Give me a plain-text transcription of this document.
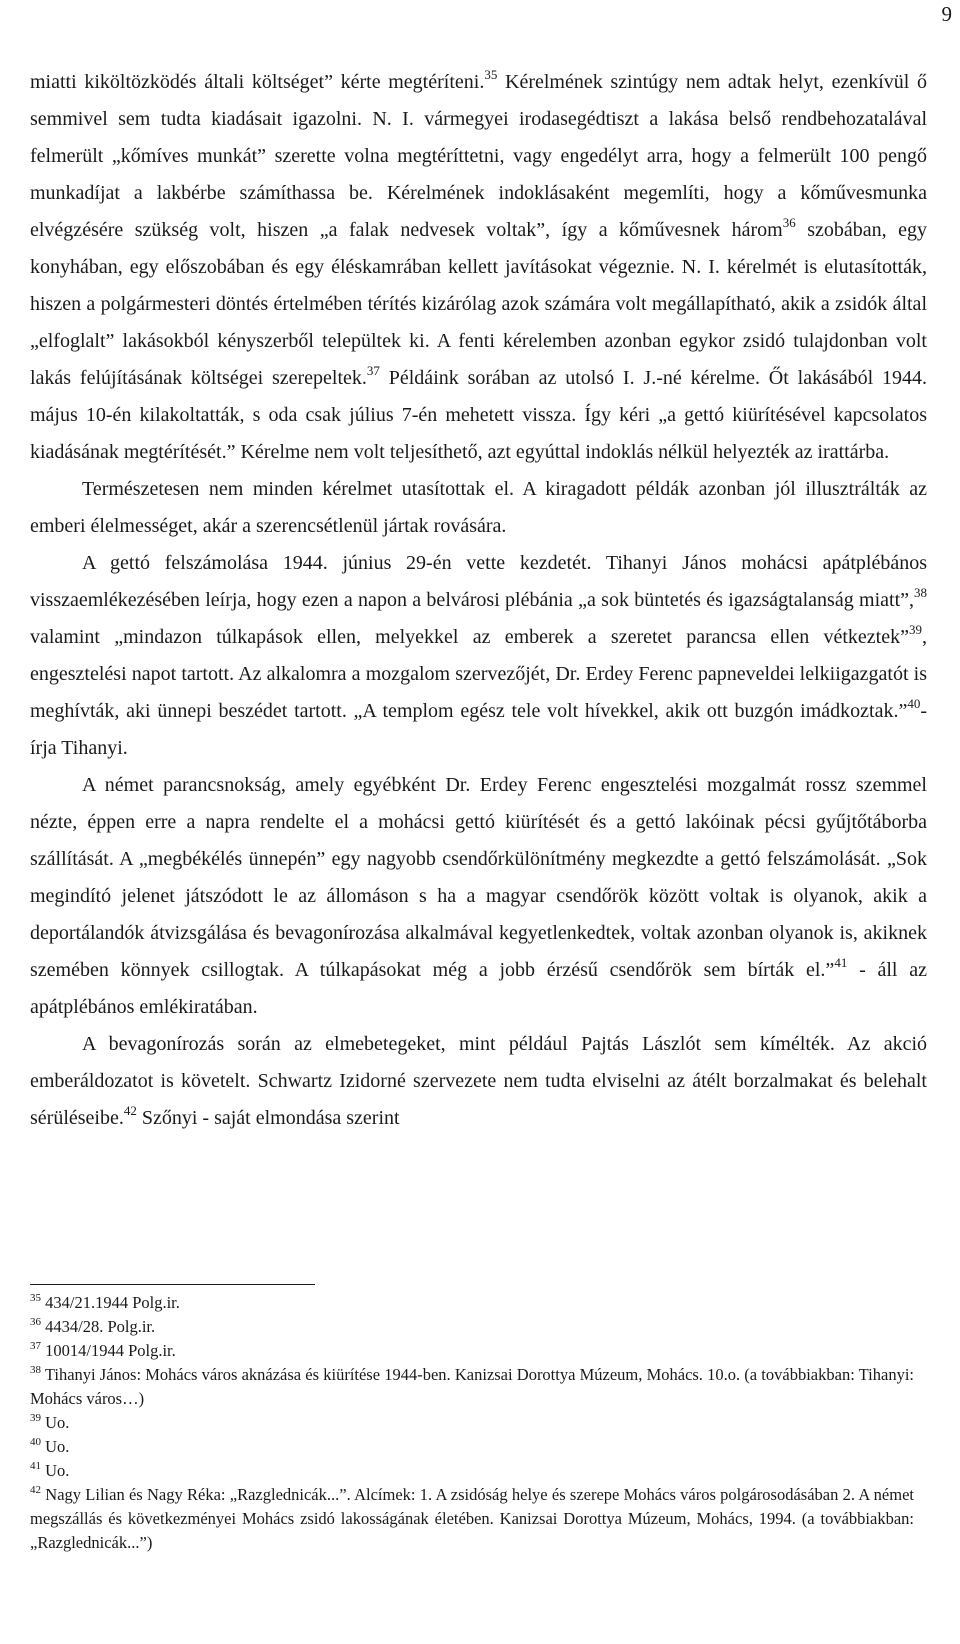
9

miatti kiköltözködés általi költséget” kérte megtéríteni.$^{35}$ Kérelmének szintúgy nem adtak helyt, ezenkívül ő semmivel sem tudta kiadásait igazolni. N. I. vármegyei irodasegédtiszt a lakása belső rendbehozatalával felmerült „kőmíves munkát” szerette volna megtéríttetni, vagy engedélyt arra, hogy a felmerült 100 pengő munkadíjat a lakbérbe számíthassa be. Kérelmének indoklásaként megemlíti, hogy a kőművesmunka elvégzésére szükség volt, hiszen „a falak nedvesek voltak”, így a kőművesnek három$^{36}$ szobában, egy konyhában, egy előszobában és egy éléskamrában kellett javításokat végeznie. N. I. kérelmét is elutasították, hiszen a polgármesteri döntés értelmében térítés kizárólag azok számára volt megállapítható, akik a zsidók által „elfoglalt” lakásokból kényszerből települtek ki. A fenti kérelemben azonban egykor zsidó tulajdonban volt lakás felújításának költségei szerepeltek.$^{37}$ Példáink sorában az utolsó I. J.-né kérelme. Őt lakásából 1944. május 10-én kilakoltatták, s oda csak július 7-én mehetett vissza. Így kéri „a gettó kiürítésével kapcsolatos kiadásának megtérítését.” Kérelme nem volt teljesíthető, azt egyúttal indoklás nélkül helyezték az irattárba.

Természetesen nem minden kérelmet utasítottak el. A kiragadott példák azonban jól illusztrálták az emberi élelmességet, akár a szerencsétlenül jártak rovására.

A gettó felszámolása 1944. június 29-én vette kezdetét. Tihanyi János mohácsi apátplébános visszaemlékezésében leírja, hogy ezen a napon a belvárosi plébánia „a sok büntetés és igazságtalanság miatt”,$^{38}$ valamint „mindazon túlkapások ellen, melyekkel az emberek a szeretet parancsa ellen vétkeztek”$^{39}$, engesztelési napot tartott. Az alkalomra a mozgalom szervezőjét, Dr. Erdey Ferenc papneveldei lelkiigazgatót is meghívták, aki ünnepi beszédet tartott. „A templom egész tele volt hívekkel, akik ott buzgón imádkoztak.”$^{40}$- írja Tihanyi.

A német parancsnokság, amely egyébként Dr. Erdey Ferenc engesztelési mozgalmát rossz szemmel nézte, éppen erre a napra rendelte el a mohácsi gettó kiürítését és a gettó lakóinak pécsi gyűjtőtáborba szállítását. A „megbékélés ünnepén” egy nagyobb csendőrkülönítmény megkezdte a gettó felszámolását. „Sok megindító jelenet játszódott le az állomáson s ha a magyar csendőrök között voltak is olyanok, akik a deportálandók átvizsgálása és bevagonírozása alkalmával kegyetlenkedtek, voltak azonban olyanok is, akiknek szemében könnyek csillogtak. A túlkapásokat még a jobb érzésű csendőrök sem bírták el.”$^{41}$ - áll az apátplébános emlékiratában.

A bevagonírozás során az elmebetegeket, mint például Pajtás Lászlót sem kímélték. Az akció emberáldozatot is követelt. Schwartz Izidorné szervezete nem tudta elviselni az átélt borzalmakat és belehalt sérüléseibe.$^{42}$ Szőnyi - saját elmondása szerint

$^{35}$ 434/21.1944 Polg.ir.
$^{36}$ 4434/28. Polg.ir.
$^{37}$ 10014/1944 Polg.ir.
$^{38}$ Tihanyi János: Mohács város aknázása és kiürítése 1944-ben. Kanizsai Dorottya Múzeum, Mohács. 10.o. (a továbbiakban: Tihanyi: Mohács város…)
$^{39}$ Uo.
$^{40}$ Uo.
$^{41}$ Uo.
$^{42}$ Nagy Lilian és Nagy Réka: „Razglednicák...”. Alcímek: 1. A zsidóság helye és szerepe Mohács város polgárosodásában 2. A német megszállás és következményei Mohács zsidó lakosságának életében. Kanizsai Dorottya Múzeum, Mohács, 1994. (a továbbiakban: „Razglednicák...”)
